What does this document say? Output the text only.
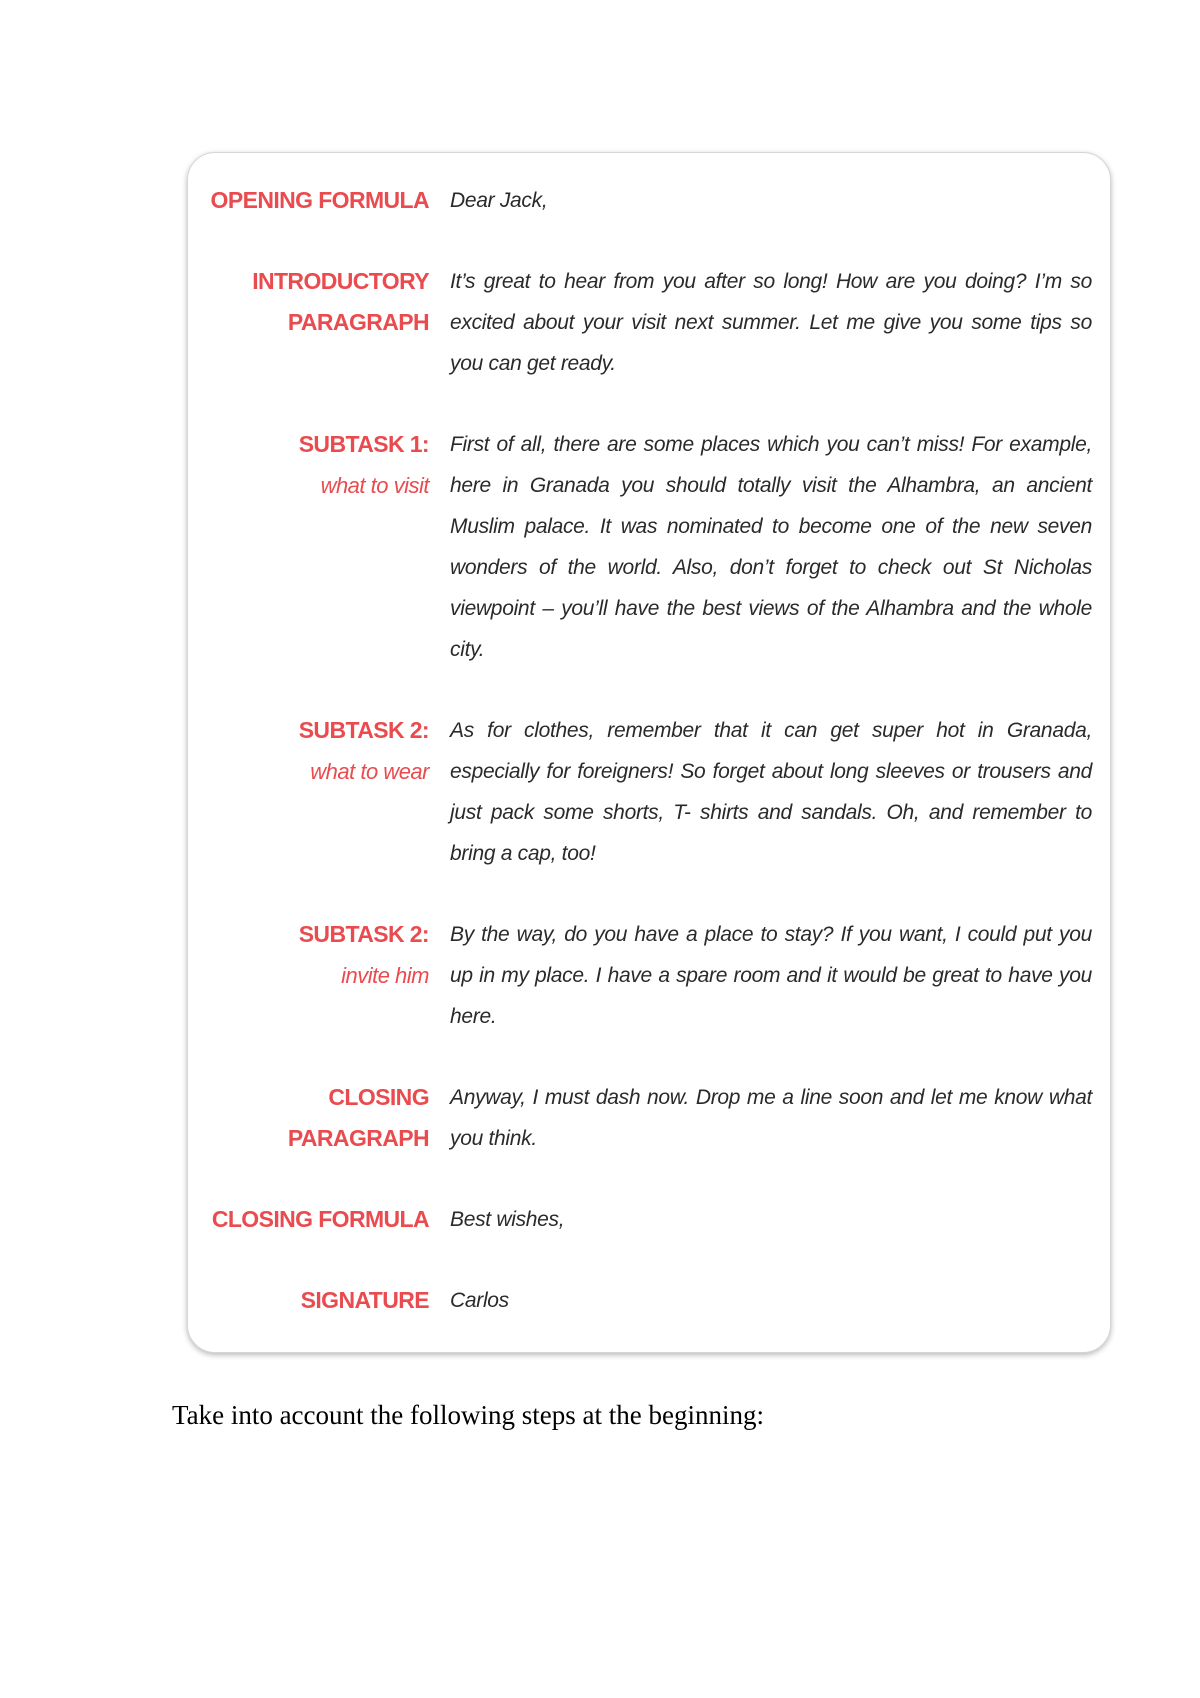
OPENING FORMULA Dear Jack,
INTRODUCTORY
PARAGRAPH
It’s great to hear from you after so long! How are you doing? I’m so excited about your visit next summer. Let me give you some tips so you can get ready.
SUBTASK 1:
what to visit
First of all, there are some places which you can’t miss! For example, here in Granada you should totally visit the Alhambra, an ancient Muslim palace. It was nominated to become one of the new seven wonders of the world. Also, don’t forget to check out St Nicholas viewpoint – you’ll have the best views of the Alhambra and the whole city.
SUBTASK 2:
what to wear
As for clothes, remember that it can get super hot in Granada, especially for foreigners! So forget about long sleeves or trousers and just pack some shorts, T- shirts and sandals. Oh, and remember to bring a cap, too!
SUBTASK 2:
invite him
By the way, do you have a place to stay? If you want, I could put you up in my place. I have a spare room and it would be great to have you here.
CLOSING
PARAGRAPH
Anyway, I must dash now. Drop me a line soon and let me know what you think.
CLOSING FORMULA Best wishes,
SIGNATURE Carlos
Take into account the following steps at the beginning:
